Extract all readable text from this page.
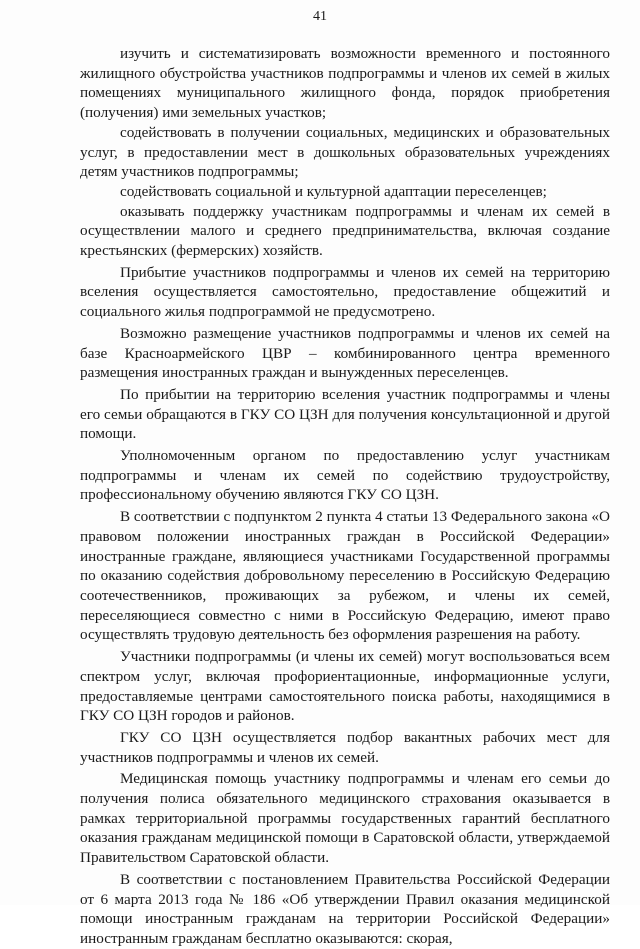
41

изучить и систематизировать возможности временного и постоянного жилищного обустройства участников подпрограммы и членов их семей в жилых помещениях муниципального жилищного фонда, порядок приобретения (получения) ими земельных участков;

содействовать в получении социальных, медицинских и образовательных услуг, в предоставлении мест в дошкольных образовательных учреждениях детям участников подпрограммы;

содействовать социальной и культурной адаптации переселенцев;

оказывать поддержку участникам подпрограммы и членам их семей в осуществлении малого и среднего предпринимательства, включая создание крестьянских (фермерских) хозяйств.

Прибытие участников подпрограммы и членов их семей на территорию вселения осуществляется самостоятельно, предоставление общежитий и социального жилья подпрограммой не предусмотрено.

Возможно размещение участников подпрограммы и членов их семей на базе Красноармейского ЦВР – комбинированного центра временного размещения иностранных граждан и вынужденных переселенцев.

По прибытии на территорию вселения участник подпрограммы и члены его семьи обращаются в ГКУ СО ЦЗН для получения консультационной и другой помощи.

Уполномоченным органом по предоставлению услуг участникам подпрограммы и членам их семей по содействию трудоустройству, профессиональному обучению являются ГКУ СО ЦЗН.

В соответствии с подпунктом 2 пункта 4 статьи 13 Федерального закона «О правовом положении иностранных граждан в Российской Федерации» иностранные граждане, являющиеся участниками Государственной программы по оказанию содействия добровольному переселению в Российскую Федерацию соотечественников, проживающих за рубежом, и члены их семей, переселяющиеся совместно с ними в Российскую Федерацию, имеют право осуществлять трудовую деятельность без оформления разрешения на работу.

Участники подпрограммы (и члены их семей) могут воспользоваться всем спектром услуг, включая профориентационные, информационные услуги, предоставляемые центрами самостоятельного поиска работы, находящимися в ГКУ СО ЦЗН городов и районов.

ГКУ СО ЦЗН осуществляется подбор вакантных рабочих мест для участников подпрограммы и членов их семей.

Медицинская помощь участнику подпрограммы и членам его семьи до получения полиса обязательного медицинского страхования оказывается в рамках территориальной программы государственных гарантий бесплатного оказания гражданам медицинской помощи в Саратовской области, утверждаемой Правительством Саратовской области.

В соответствии с постановлением Правительства Российской Федерации от 6 марта 2013 года № 186 «Об утверждении Правил оказания медицинской помощи иностранным гражданам на территории Российской Федерации» иностранным гражданам бесплатно оказываются: скорая,
